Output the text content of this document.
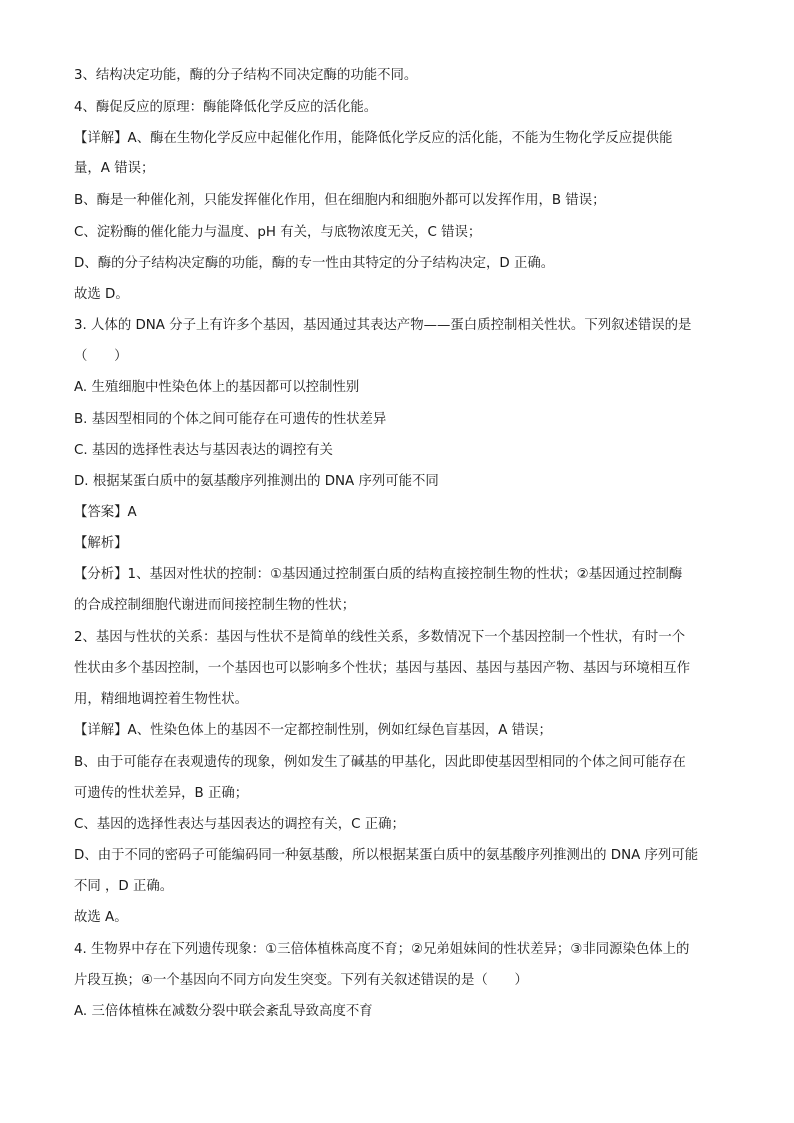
3、结构决定功能，酶的分子结构不同决定酶的功能不同。
4、酶促反应的原理：酶能降低化学反应的活化能。
【详解】A、酶在生物化学反应中起催化作用，能降低化学反应的活化能，不能为生物化学反应提供能
量，A 错误；
B、酶是一种催化剂，只能发挥催化作用，但在细胞内和细胞外都可以发挥作用，B 错误；
C、淀粉酶的催化能力与温度、pH 有关，与底物浓度无关，C 错误；
D、酶的分子结构决定酶的功能，酶的专一性由其特定的分子结构决定，D 正确。
故选 D。
3. 人体的 DNA 分子上有许多个基因，基因通过其表达产物——蛋白质控制相关性状。下列叙述错误的是
（　　）
A. 生殖细胞中性染色体上的基因都可以控制性别
B. 基因型相同的个体之间可能存在可遗传的性状差异
C. 基因的选择性表达与基因表达的调控有关
D. 根据某蛋白质中的氨基酸序列推测出的 DNA 序列可能不同
【答案】A
【解析】
【分析】1、基因对性状的控制：①基因通过控制蛋白质的结构直接控制生物的性状；②基因通过控制酶
的合成控制细胞代谢进而间接控制生物的性状；
2、基因与性状的关系：基因与性状不是简单的线性关系，多数情况下一个基因控制一个性状，有时一个
性状由多个基因控制，一个基因也可以影响多个性状；基因与基因、基因与基因产物、基因与环境相互作
用，精细地调控着生物性状。
【详解】A、性染色体上的基因不一定都控制性别，例如红绿色盲基因，A 错误；
B、由于可能存在表观遗传的现象，例如发生了碱基的甲基化，因此即使基因型相同的个体之间可能存在
可遗传的性状差异，B 正确；
C、基因的选择性表达与基因表达的调控有关，C 正确；
D、由于不同的密码子可能编码同一种氨基酸，所以根据某蛋白质中的氨基酸序列推测出的 DNA 序列可能
不同 ，D 正确。
故选 A。
4. 生物界中存在下列遗传现象：①三倍体植株高度不育；②兄弟姐妹间的性状差异；③非同源染色体上的
片段互换；④一个基因向不同方向发生突变。下列有关叙述错误的是（　　）
A. 三倍体植株在减数分裂中联会紊乱导致高度不育
